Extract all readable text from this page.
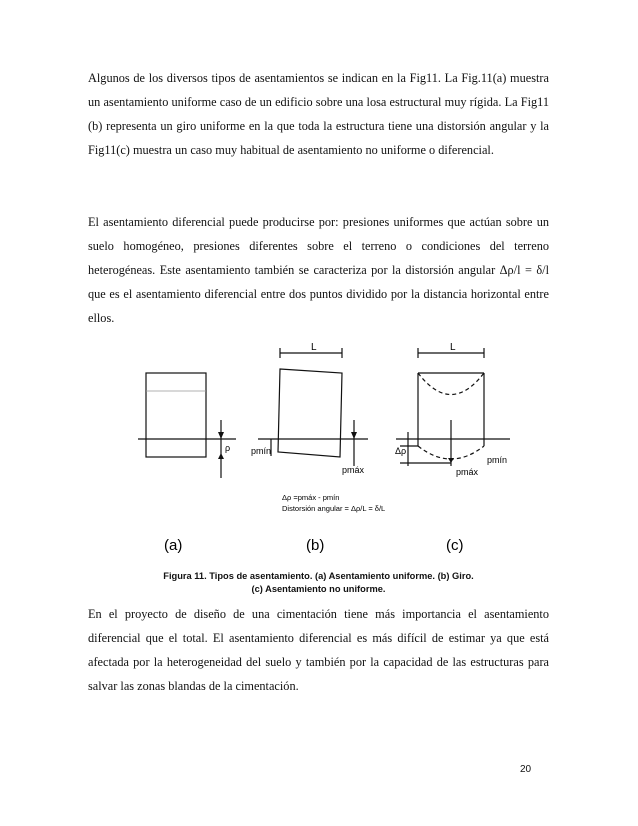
Algunos de los diversos tipos de asentamientos se indican en la Fig11. La Fig.11(a) muestra un asentamiento uniforme caso de un edificio sobre una losa estructural muy rígida. La Fig11 (b) representa un giro uniforme en la que toda la estructura tiene una distorsión angular y la Fig11(c) muestra un caso muy habitual de asentamiento no uniforme o diferencial.

El asentamiento diferencial puede producirse por: presiones uniformes que actúan sobre un suelo homogéneo, presiones diferentes sobre el terreno o condiciones del terreno heterogéneas. Este asentamiento también se caracteriza por la distorsión angular Δρ/l = δ/l que es el asentamiento diferencial entre dos puntos dividido por la distancia horizontal entre ellos.

ρ
L
pmín
pmáx
L
Δρ
pmáx
pmín
Δρ =pmáx - pmín
Distorsión angular = Δρ/L = δ/L
(a)	(b)	(c)
Figura 11. Tipos de asentamiento. (a) Asentamiento uniforme. (b) Giro.
(c) Asentamiento no uniforme.

En el proyecto de diseño de una cimentación tiene más importancia el asentamiento diferencial que el total. El asentamiento diferencial es más difícil de estimar ya que está afectada por la heterogeneidad del suelo y también por la capacidad de las estructuras para salvar las zonas blandas de la cimentación.

20
